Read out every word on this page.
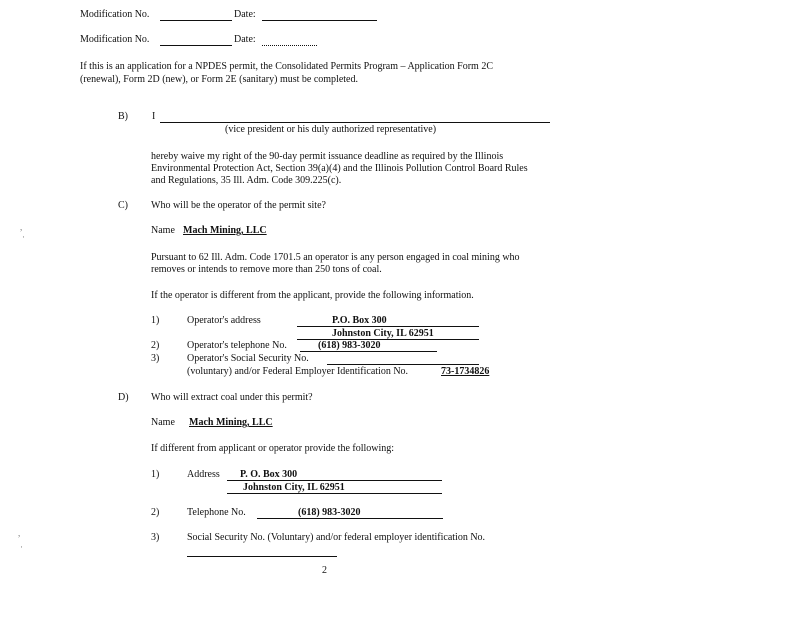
Modification No.	Date:
Modification No.	Date:
If this is an application for a NPDES permit, the Consolidated Permits Program – Application Form 2C
(renewal), Form 2D (new), or Form 2E (sanitary) must be completed.
B) I
(vice president or his duly authorized representative)
hereby waive my right of the 90-day permit issuance deadline as required by the Illinois
Environmental Protection Act, Section 39(a)(4) and the Illinois Pollution Control Board Rules
and Regulations, 35 Ill. Adm. Code 309.225(c).
C) Who will be the operator of the permit site?
Name Mach Mining, LLC
Pursuant to 62 Ill. Adm. Code 1701.5 an operator is any person engaged in coal mining who
removes or intends to remove more than 250 tons of coal.
If the operator is different from the applicant, provide the following information.
1)	Operator's address	P.O. Box 300
Johnston City, IL 62951
2)	Operator's telephone No.	(618) 983-3020
3)	Operator's Social Security No.
(voluntary) and/or Federal Employer Identification No.	73-1734826
D) Who will extract coal under this permit?
Name Mach Mining, LLC
If different from applicant or operator provide the following:
1)	Address P. O. Box 300
Johnston City, IL 62951
2)	Telephone No.	(618) 983-3020
3)	Social Security No. (Voluntary) and/or federal employer identification No.
2
,
·
,
·
